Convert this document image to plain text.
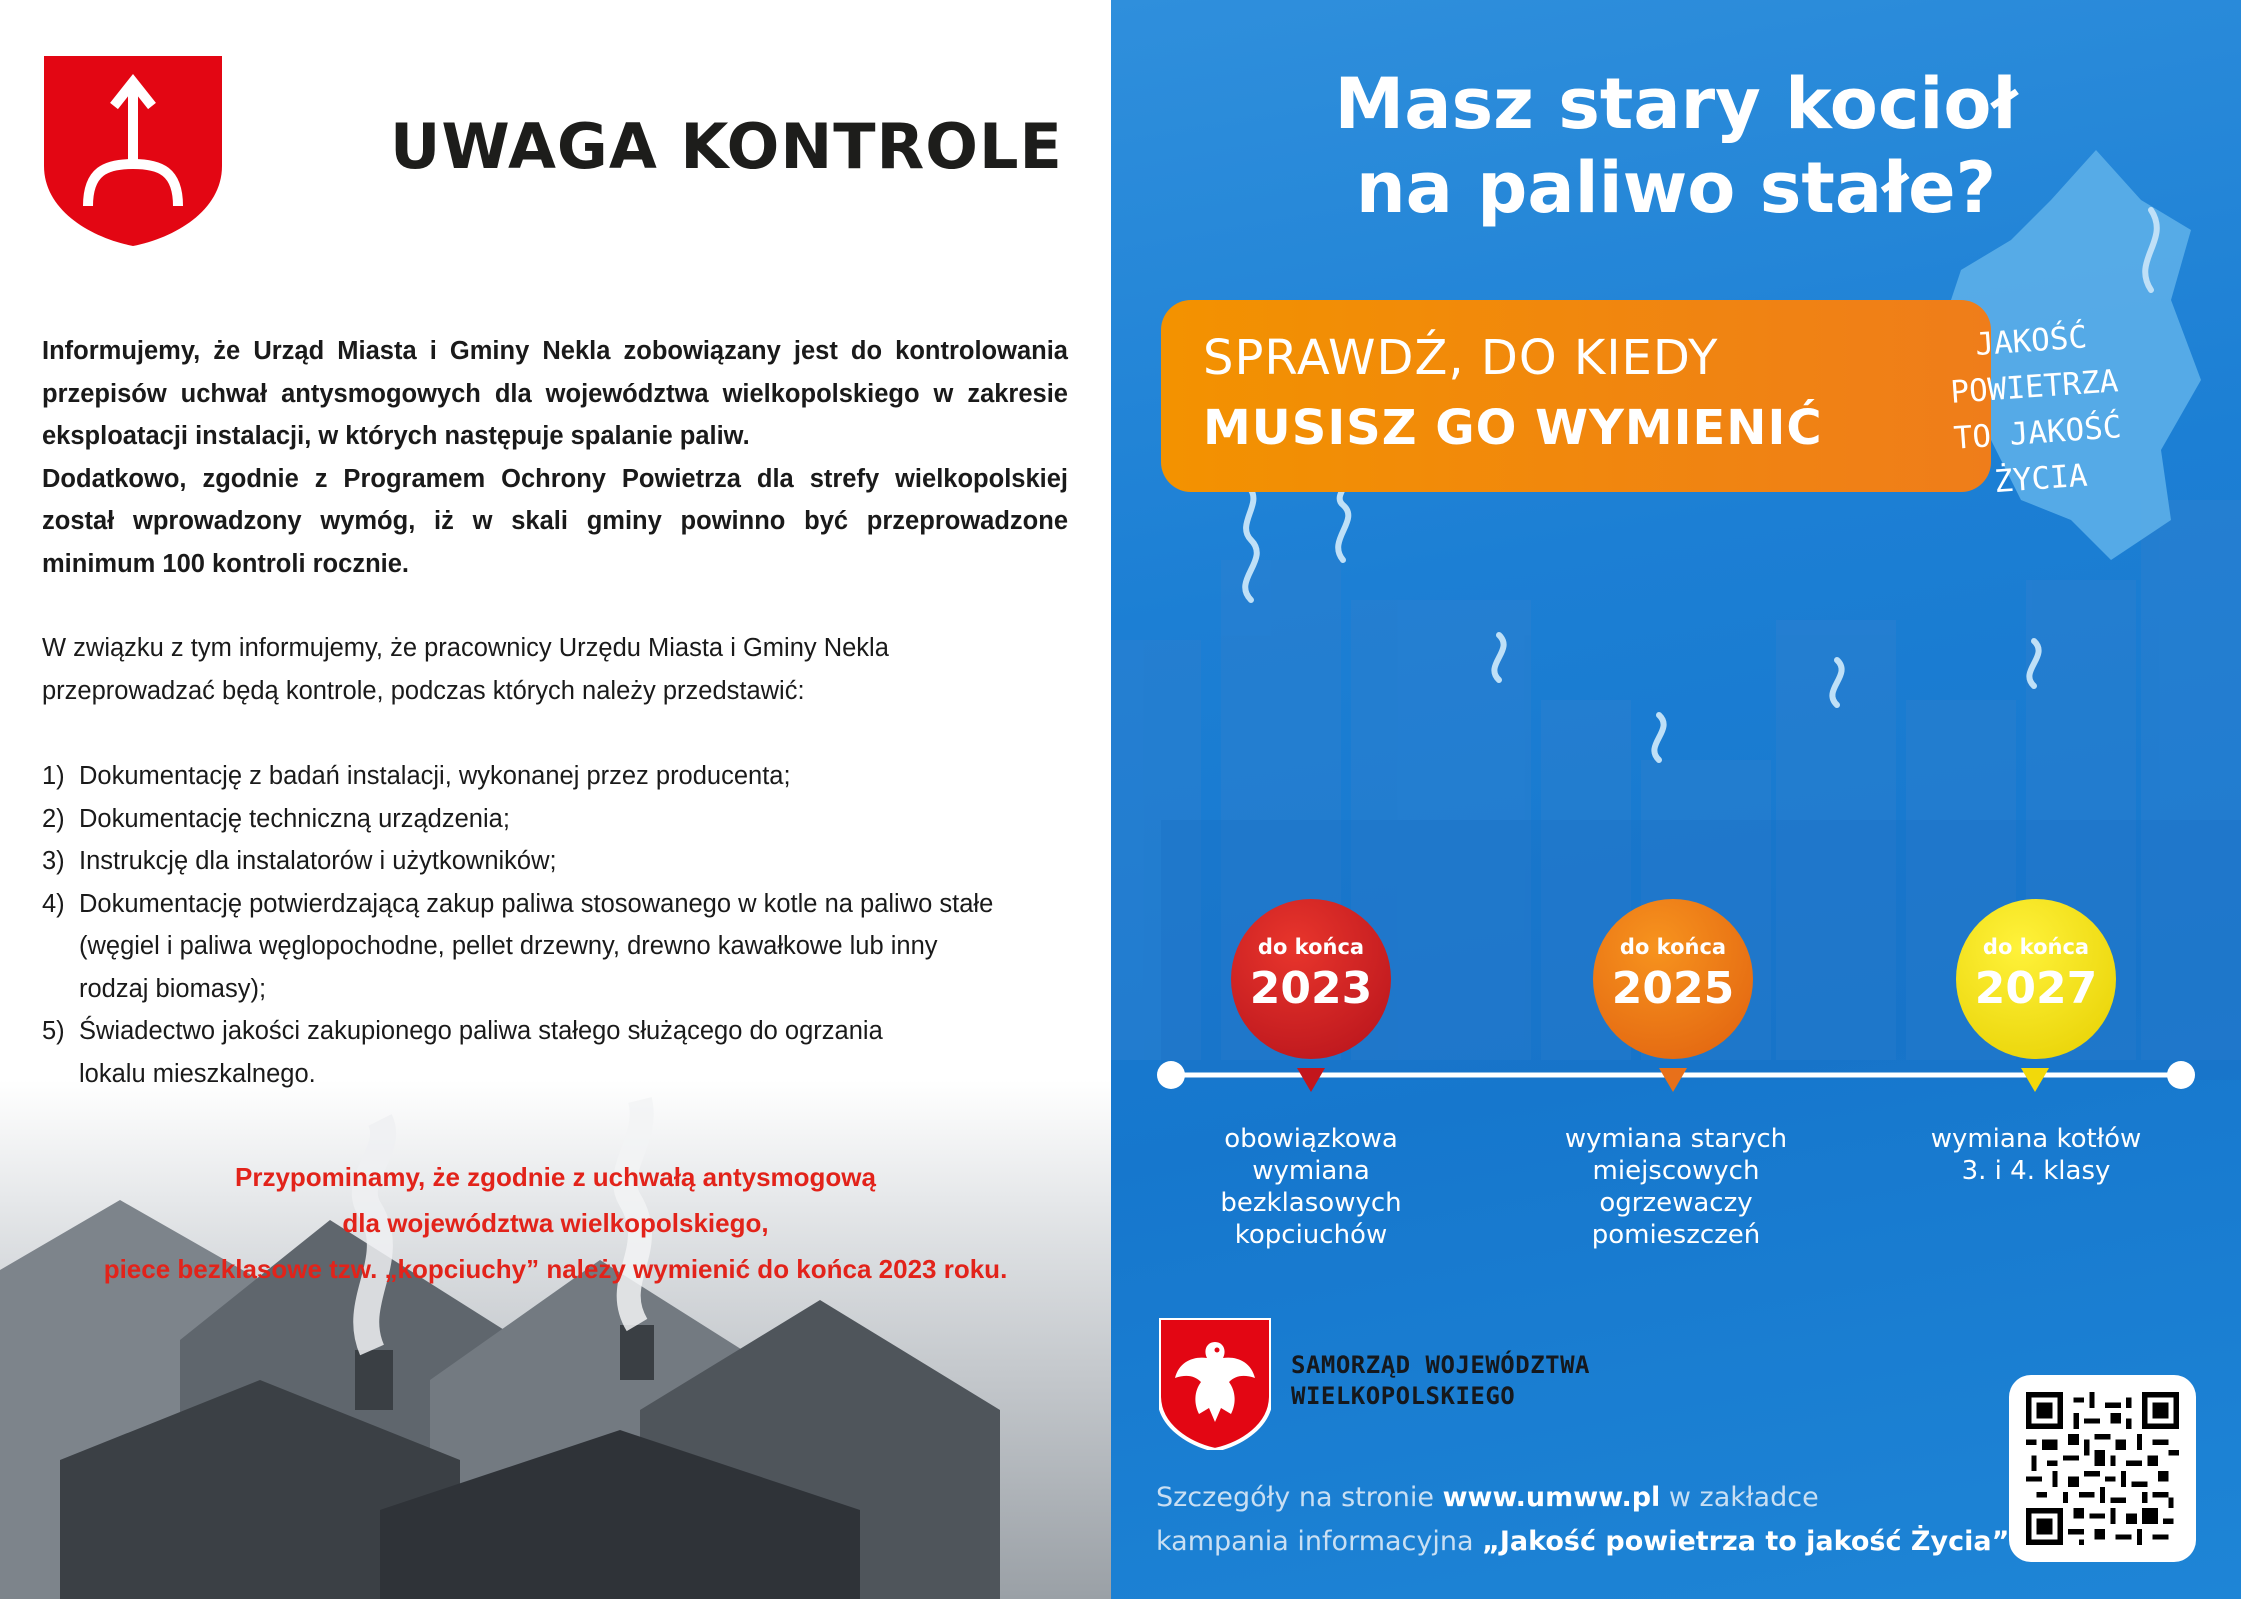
UWAGA KONTROLE

Informujemy, że Urząd Miasta i Gminy Nekla zobowiązany jest do kontrolowania przepisów uchwał antysmogowych dla województwa wielkopolskiego w zakresie eksploatacji instalacji, w których następuje spalanie paliw.

Dodatkowo, zgodnie z Programem Ochrony Powietrza dla strefy wielkopolskiej został wprowadzony wymóg, iż w skali gminy powinno być przeprowadzone minimum 100 kontroli rocznie.

W związku z tym informujemy, że pracownicy Urzędu Miasta i Gminy Nekla
przeprowadzać będą kontrole, podczas których należy przedstawić:
1) Dokumentację z badań instalacji, wykonanej przez producenta;
2) Dokumentację techniczną urządzenia;
3) Instrukcję dla instalatorów i użytkowników;
4) Dokumentację potwierdzającą zakup paliwa stosowanego w kotle na paliwo stałe (węgiel i paliwa węglopochodne, pellet drzewny, drewno kawałkowe lub inny rodzaj biomasy);
5) Świadectwo jakości zakupionego paliwa stałego służącego do ogrzania lokalu mieszkalnego.
Przypominamy, że zgodnie z uchwałą antysmogową
dla województwa wielkopolskiego,
piece bezklasowe tzw. „kopciuchy” należy wymienić do końca 2023 roku.
Masz stary kocioł
na paliwo stałe?
SPRAWDŹ, DO KIEDY
MUSISZ GO WYMIENIĆ
JAKOŚĆ
POWIETRZA
TO JAKOŚĆ
ŻYCIA
do końca
2023
do końca
2025
do końca
2027
obowiązkowa
wymiana
bezklasowych
kopciuchów
wymiana starych
miejscowych
ogrzewaczy
pomieszczeń
wymiana kotłów
3. i 4. klasy
SAMORZĄD WOJEWÓDZTWA
WIELKOPOLSKIEGO
Szczegóły na stronie www.umww.pl w zakładce
kampania informacyjna „Jakość powietrza to jakość Życia”
